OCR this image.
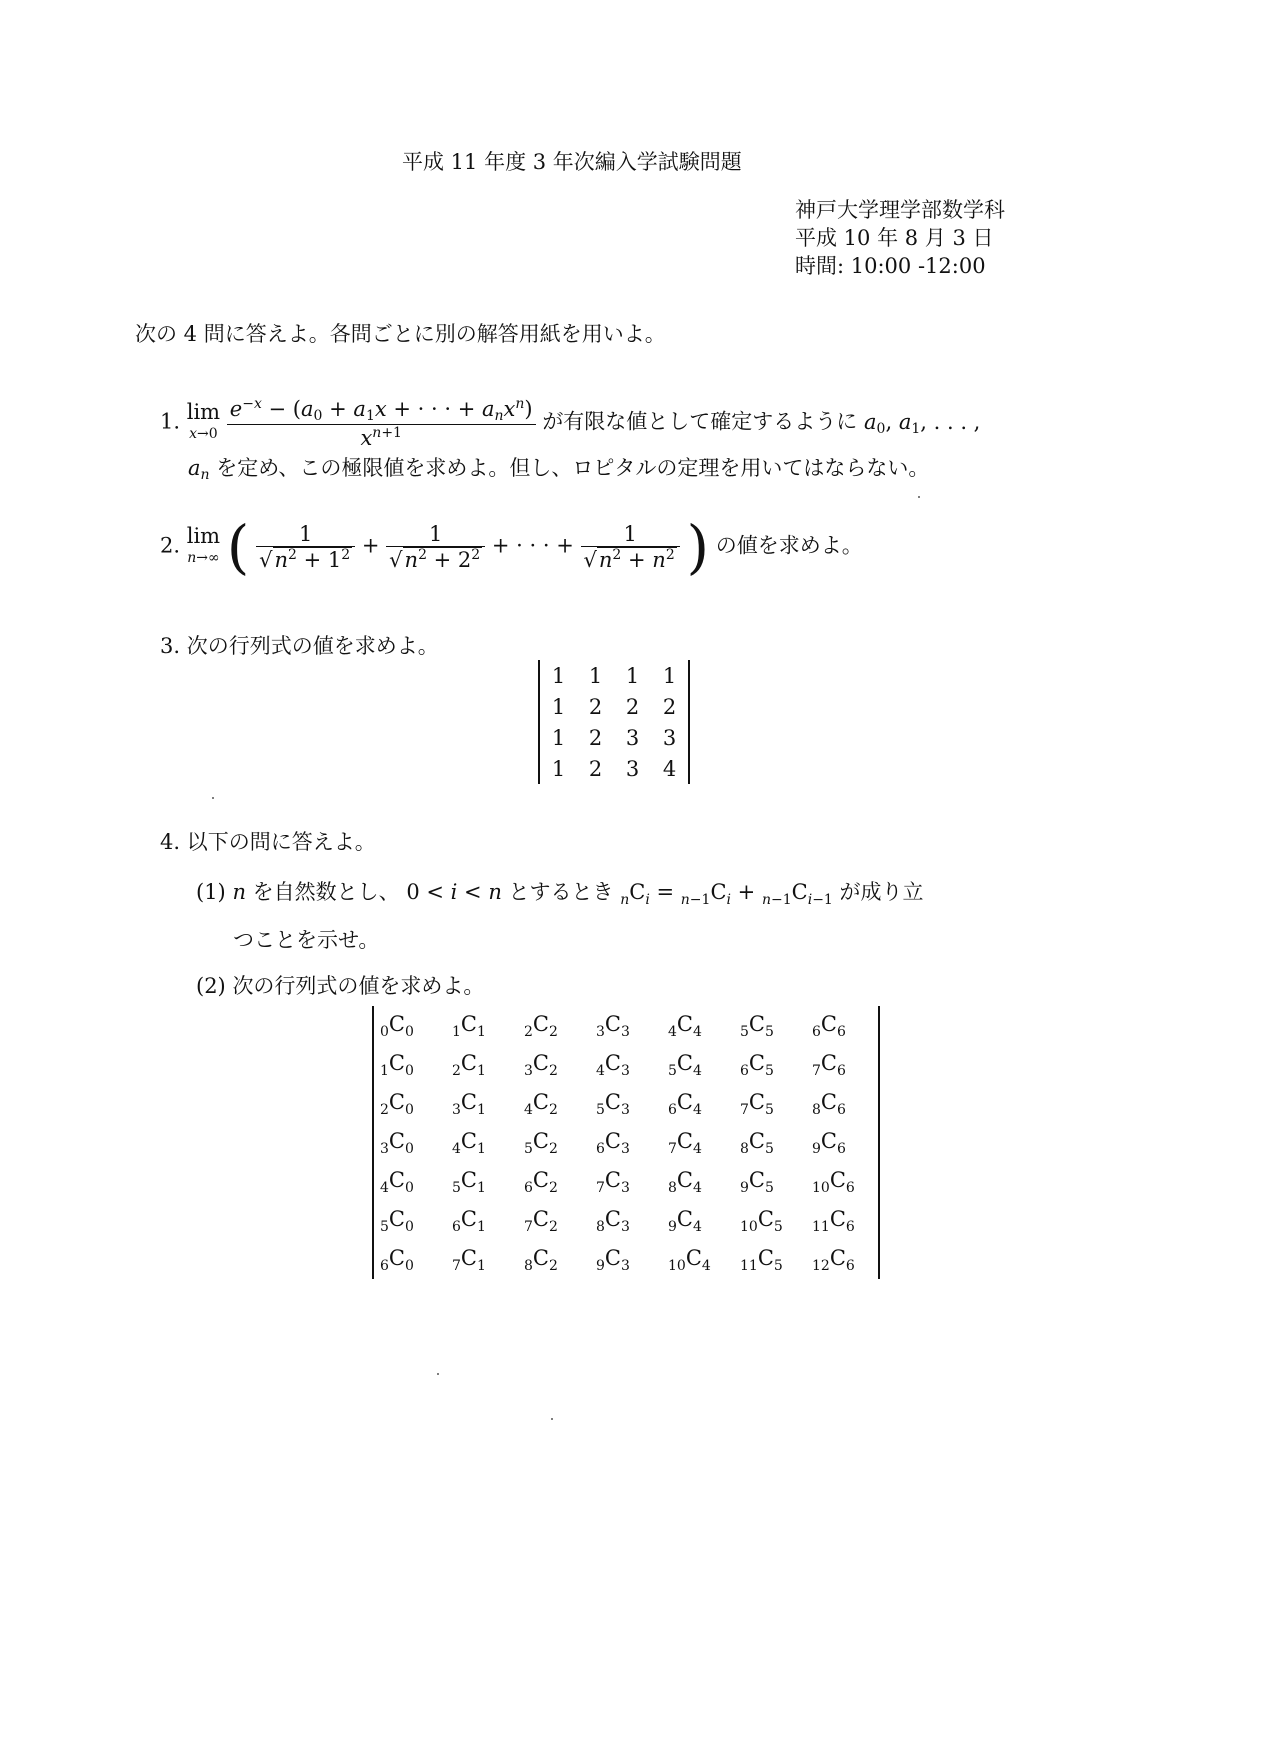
平成 11 年度 3 年次編入学試験問題
神戸大学理学部数学科
平成 10 年 8 月 3 日
時間: 10:00 -12:00
次の 4 問に答えよ。各問ごとに別の解答用紙を用いよ。
1. lim
x→0
$\frac{e^{-x} - (a_0 + a_1x + \cdot \cdot \cdot + a_nx^n)}{x^{n+1}}$ が有限な値として確定するように $a_0$, $a_1$, . . . ,
$a_n$ を定め、この極限値を求めよ。但し、ロピタルの定理を用いてはならない。
2. lim
n→∞ ( $\frac{1}{√n^2 + 1^2} + \frac{1}{√n^2 + 2^2}$ + · · · + $\frac{1}{√n^2 + n^2}$ ) の値を求めよ。
3. 次の行列式の値を求めよ。
1	1	1	1
1	2	2	2
1	2	3	3
1	2	3	4
4. 以下の問に答えよ。
(1) n を自然数とし、 0 < i < n とするとき $_nC_i = _{n-1}C_i + _{n-1}C_{i-1}$ が成り立
つことを示せ。
(2) 次の行列式の値を求めよ。
$_0C_0$	$_1C_1$	$_2C_2$	$_3C_3$	$_4C_4$	$_5C_5$	$_6C_6$
$_1C_0$	$_2C_1$	$_3C_2$	$_4C_3$	$_5C_4$	$_6C_5$	$_7C_6$
$_2C_0$	$_3C_1$	$_4C_2$	$_5C_3$	$_6C_4$	$_7C_5$	$_8C_6$
$_3C_0$	$_4C_1$	$_5C_2$	$_6C_3$	$_7C_4$	$_8C_5$	$_9C_6$
$_4C_0$	$_5C_1$	$_6C_2$	$_7C_3$	$_8C_4$	$_9C_5$	$_{10}C_6$
$_5C_0$	$_6C_1$	$_7C_2$	$_8C_3$	$_9C_4$	$_{10}C_5$	$_{11}C_6$
$_6C_0$	$_7C_1$	$_8C_2$	$_9C_3$	$_{10}C_4$	$_{11}C_5$	$_{12}C_6$
